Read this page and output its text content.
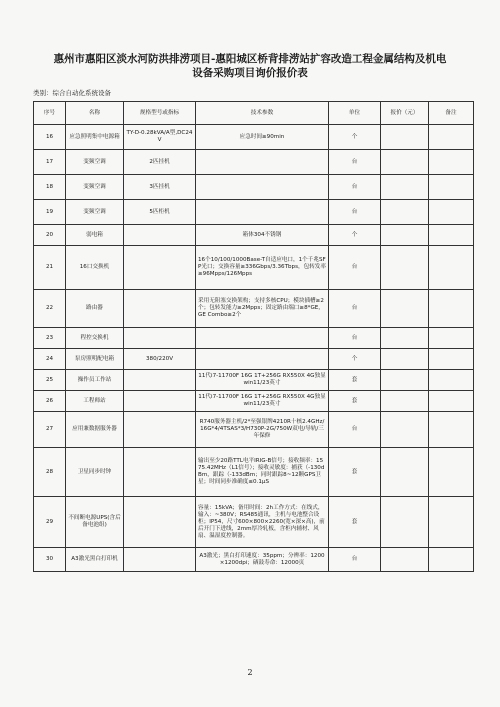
惠州市惠阳区淡水河防洪排涝项目-惠阳城区桥背排涝站扩容改造工程金属结构及机电
设备采购项目询价报价表
类别：综合自动化系统设备
序号	名称	规格型号或指标	技术参数	单位	报价（元）	备注
16	应急照明集中电源箱	TY-D-0.28kVA/A型,DC24V	应急时间≥90min	个		
17	变频空调	2匹挂机		台		
18	变频空调	3匹挂机		台		
19	变频空调	5匹柜机		台		
20	弱电箱		箱体304不锈钢	个		
21	16口交换机		16个10/100/1000Base-T自适应电口，1个千兆SFP光口；交换容量≥336Gbps/3.36Tbps，包转发率≥96Mpps/126Mpps	台		
22	路由器		采用无阻塞交换架构；支持多核CPU；模块插槽≥2个；包转发能力≥2Mpps；固定路由端口≥8*GE，GE Combo≥2个	台		
23	程控交换机			台		
24	泵房照明配电箱	380/220V		个		
25	操作员工作站		11代i7-11700F 16G 1T+256G RX550X 4G独显win11/23英寸	套		
26	工程师站		11代i7-11700F 16G 1T+256G RX550X 4G独显win11/23英寸	套		
27	应用兼数据服务器		R740服务器主机/2*至强银牌4210R十核2.4GHz/16G*4/4TSAS*3/H730P-2G/750W双电/导轨/三年保修	台		
28	卫星同步时钟		输出至少20路TTL电平IRIG-B信号；接收频率：1575.42MHz（L1信号）；接收灵敏度：捕获（-130dBm，跟踪（-133dBm；同时跟踪8~12颗GPS卫星；时间同步准确度≤0.1μS	套		
29	不间断电源UPS(含后备电池组)		容量：15kVA；备用时间：2h工作方式：在线式，输入：~380V；RS485通讯，主机与电池整合设柜；IP54，尺寸600×800×2260(宽×深×高)，前后开门下进线，2mm厚冷轧板，含柜内辅材、风扇、温湿度控制器。	套		
30	A3激光黑白打印机		A3激光；黑白打印速度：35ppm；分辨率：1200×1200dpi；硒鼓寿命：12000页	台		
2
